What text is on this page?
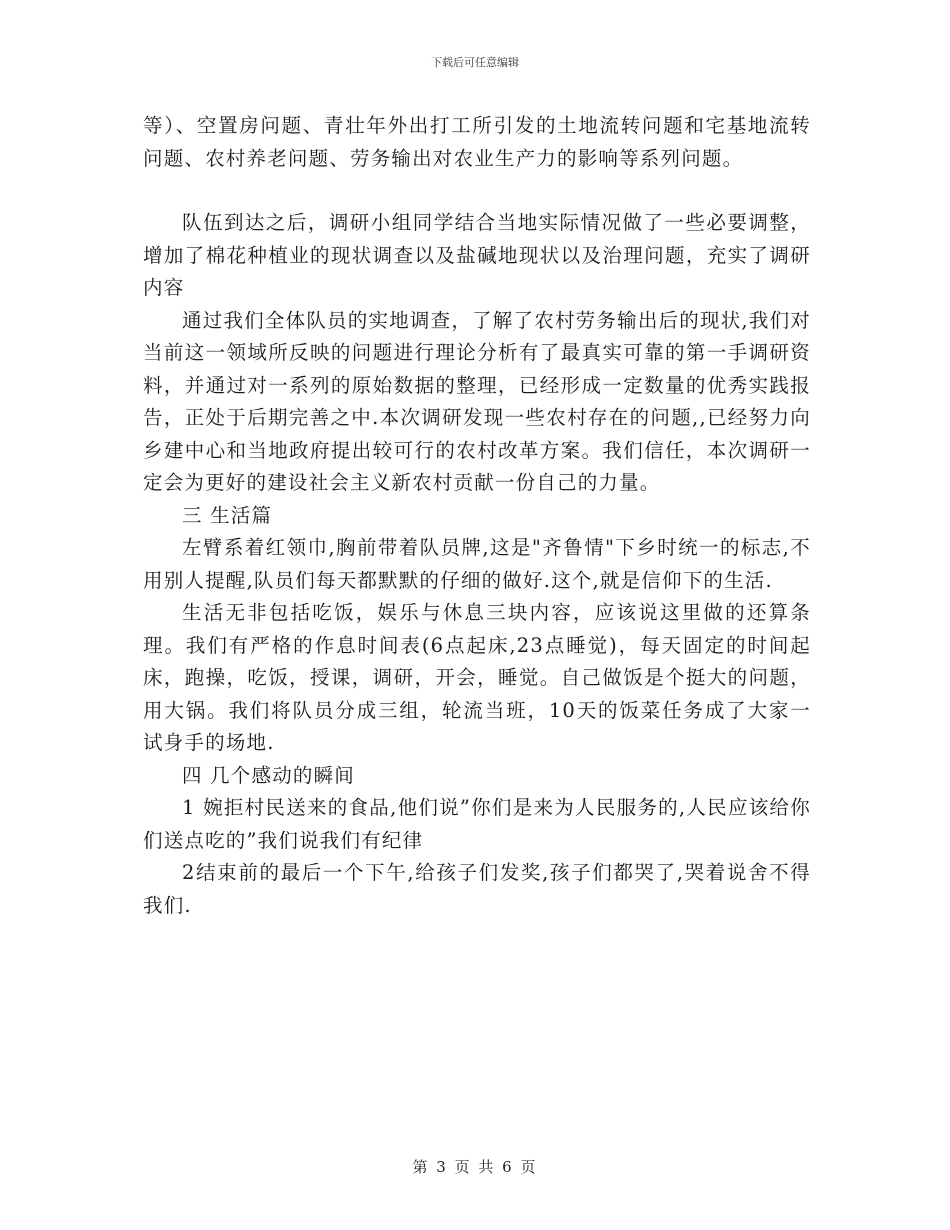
下载后可任意编辑

等）、空置房问题、青壮年外出打工所引发的土地流转问题和宅基地流转问题、农村养老问题、劳务输出对农业生产力的影响等系列问题。

队伍到达之后，调研小组同学结合当地实际情况做了一些必要调整，增加了棉花种植业的现状调查以及盐碱地现状以及治理问题，充实了调研内容

通过我们全体队员的实地调查，了解了农村劳务输出后的现状,我们对当前这一领域所反映的问题进行理论分析有了最真实可靠的第一手调研资料，并通过对一系列的原始数据的整理，已经形成一定数量的优秀实践报告，正处于后期完善之中.本次调研发现一些农村存在的问题,,已经努力向乡建中心和当地政府提出较可行的农村改革方案。我们信任，本次调研一定会为更好的建设社会主义新农村贡献一份自己的力量。

三 生活篇

左臂系着红领巾,胸前带着队员牌,这是"齐鲁情"下乡时统一的标志,不用别人提醒,队员们每天都默默的仔细的做好.这个,就是信仰下的生活.

生活无非包括吃饭，娱乐与休息三块内容，应该说这里做的还算条理。我们有严格的作息时间表(6点起床,23点睡觉)，每天固定的时间起床，跑操，吃饭，授课，调研，开会，睡觉。自己做饭是个挺大的问题，用大锅。我们将队员分成三组，轮流当班，10天的饭菜任务成了大家一试身手的场地.

四 几个感动的瞬间

1 婉拒村民送来的食品,他们说”你们是来为人民服务的,人民应该给你们送点吃的”我们说我们有纪律

2结束前的最后一个下午,给孩子们发奖,孩子们都哭了,哭着说舍不得我们.

第 3 页 共 6 页
